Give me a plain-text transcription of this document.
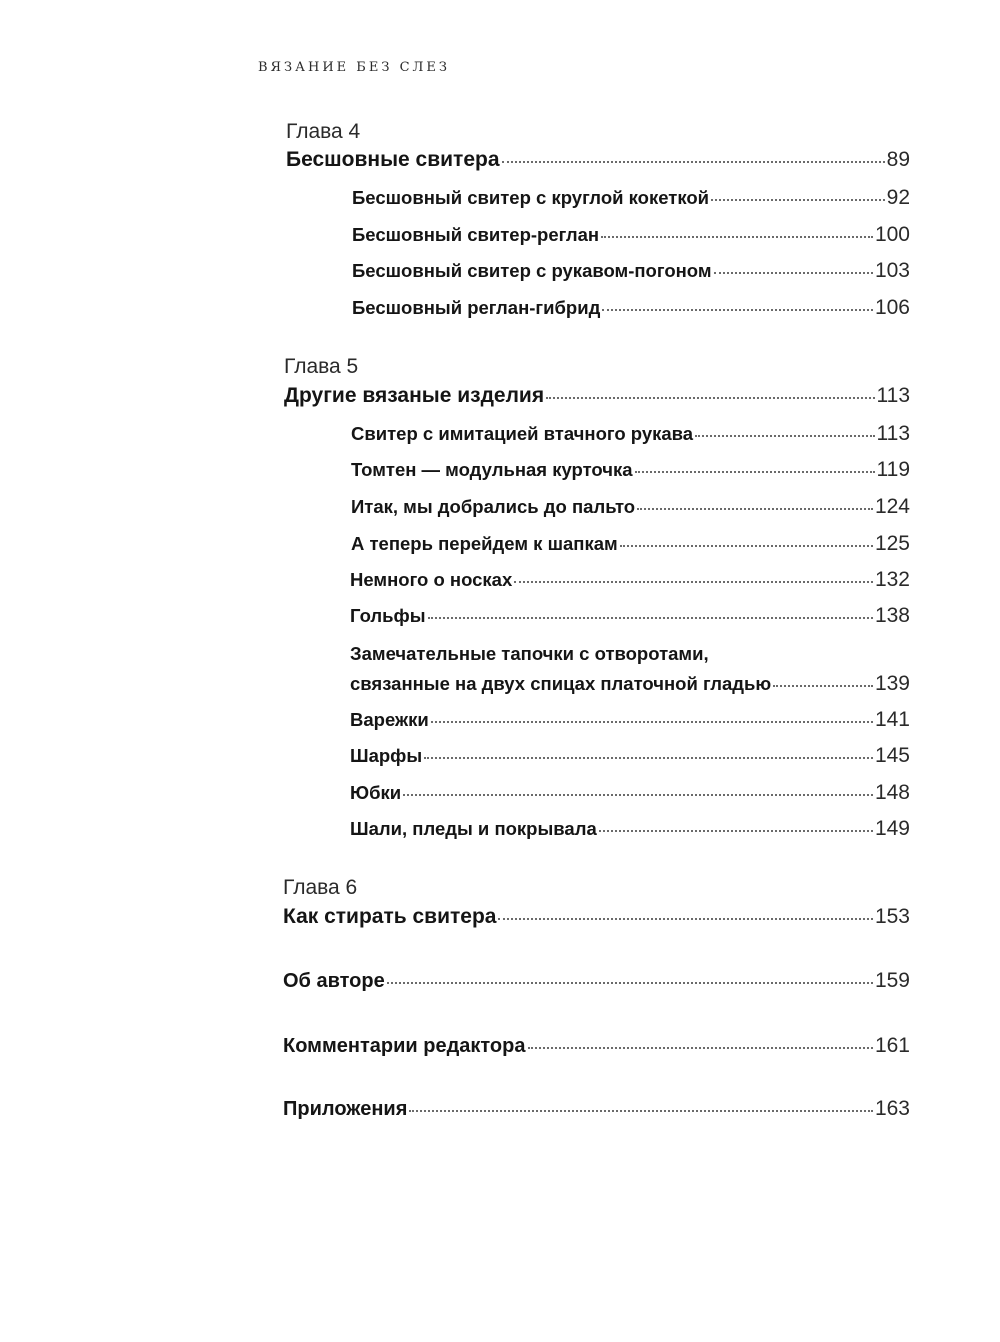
ВЯЗАНИЕ БЕЗ СЛЕЗ
Глава 4
Бесшовные свитера	89
Бесшовный свитер с круглой кокеткой	92
Бесшовный свитер-реглан	100
Бесшовный свитер с рукавом-погоном	103
Бесшовный реглан-гибрид	106
Глава 5
Другие вязаные изделия	113
Свитер с имитацией втачного рукава	113
Томтен — модульная курточка	119
Итак, мы добрались до пальто	124
А теперь перейдем к шапкам	125
Немного о носках	132
Гольфы	138
Замечательные тапочки с отворотами,
связанные на двух спицах платочной гладью	139
Варежки	141
Шарфы	145
Юбки	148
Шали, пледы и покрывала	149
Глава 6
Как стирать свитера	153
Об авторе	159
Комментарии редактора	161
Приложения	163
